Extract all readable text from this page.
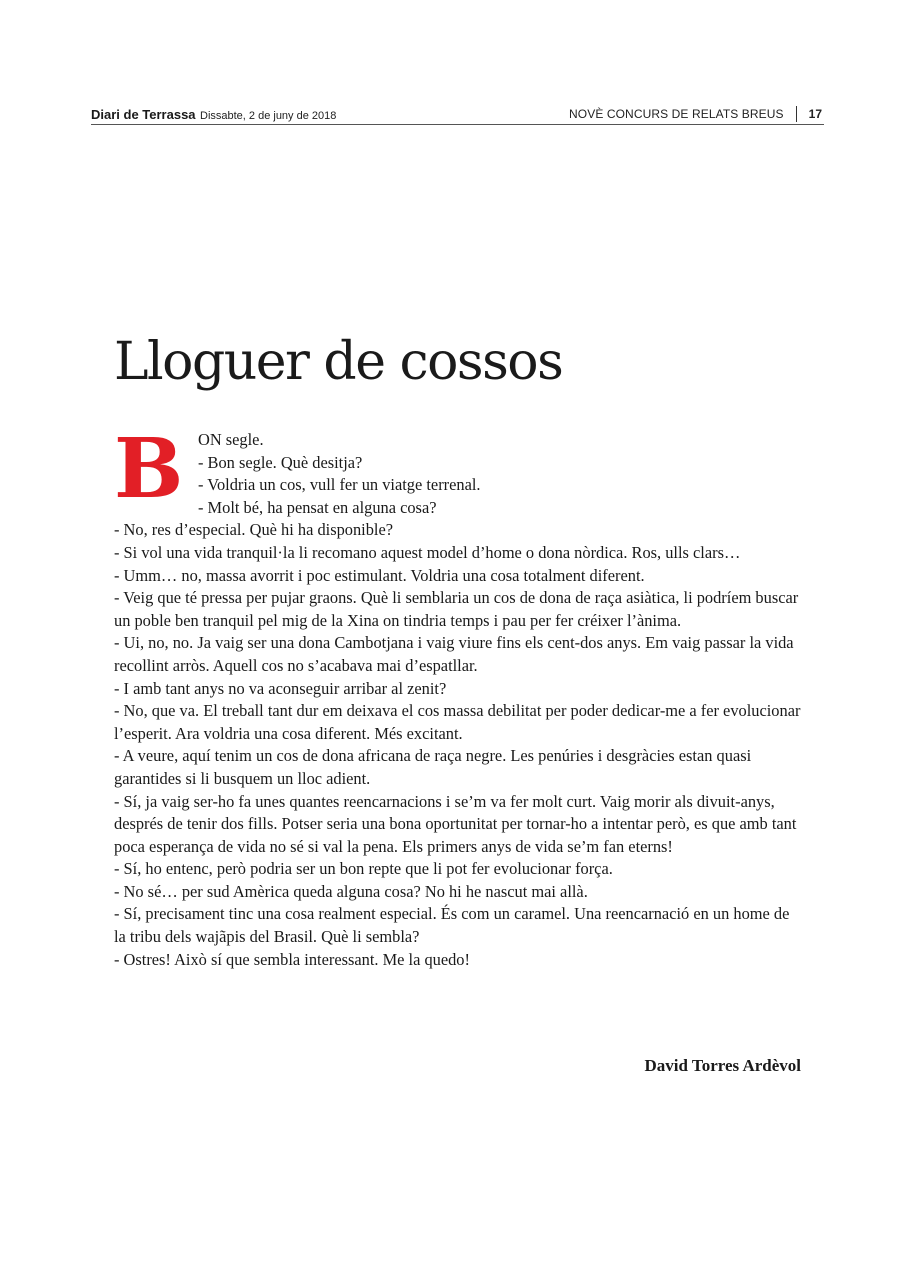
Diari de Terrassa Dissabte, 2 de juny de 2018	NOVÈ CONCURS DE RELATS BREUS 17
Lloguer de cossos
B ON segle.

- Bon segle. Què desitja?

- Voldria un cos, vull fer un viatge terrenal.

- Molt bé, ha pensat en alguna cosa?

- No, res d’especial. Què hi ha disponible?

- Si vol una vida tranquil·la li recomano aquest model d’home o dona nòrdica. Ros, ulls clars…

- Umm… no, massa avorrit i poc estimulant. Voldria una cosa totalment diferent.

- Veig que té pressa per pujar graons. Què li semblaria un cos de dona de raça asiàtica, li podríem buscar un poble ben tranquil pel mig de la Xina on tindria temps i pau per fer créixer l’ànima.

- Ui, no, no. Ja vaig ser una dona Cambotjana i vaig viure fins els cent-dos anys. Em vaig passar la vida recollint arròs. Aquell cos no s’acabava mai d’espatllar.

- I amb tant anys no va aconseguir arribar al zenit?

- No, que va. El treball tant dur em deixava el cos massa debilitat per poder dedicar-me a fer evolucionar l’esperit. Ara voldria una cosa diferent. Més excitant.

- A veure, aquí tenim un cos de dona africana de raça negre. Les penúries i desgràcies estan quasi garantides si li busquem un lloc adient.

- Sí, ja vaig ser-ho fa unes quantes reencarnacions i se’m va fer molt curt. Vaig morir als divuit-anys, després de tenir dos fills. Potser seria una bona oportunitat per tornar-ho a intentar però, es que amb tant poca esperança de vida no sé si val la pena. Els primers anys de vida se’m fan eterns!

- Sí, ho entenc, però podria ser un bon repte que li pot fer evolucionar força.

- No sé… per sud Amèrica queda alguna cosa? No hi he nascut mai allà.

- Sí, precisament tinc una cosa realment especial. És com un caramel. Una reencarnació en un home de la tribu dels wajãpis del Brasil. Què li sembla?

- Ostres! Això sí que sembla interessant. Me la quedo!

David Torres Ardèvol
